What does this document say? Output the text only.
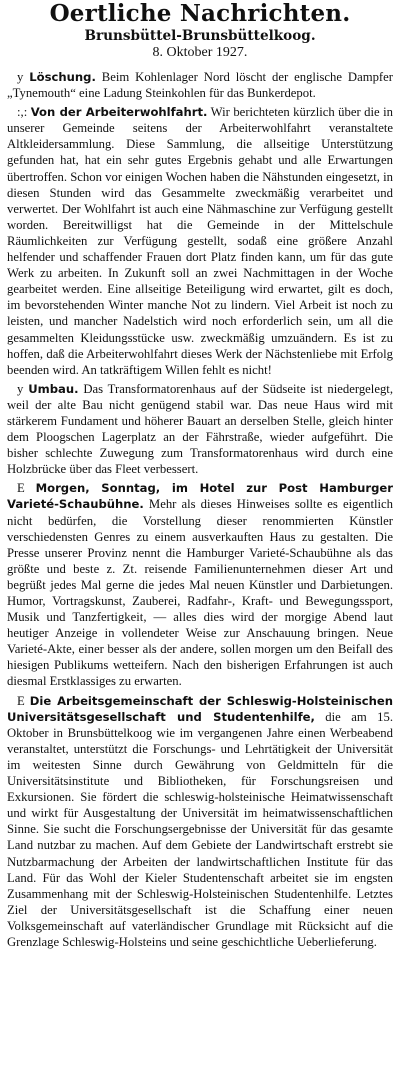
Oertliche Nachrichten.
Brunsbüttel-Brunsbüttelkoog.
8. Oktober 1927.

y Löschung. Beim Kohlenlager Nord löscht der englische Dampfer „Tynemouth“ eine Ladung Steinkohlen für das Bunkerdepot.

:,: Von der Arbeiterwohlfahrt. Wir berichteten kürzlich über die in unserer Gemeinde seitens der Arbeiterwohlfahrt veranstaltete Altkleidersammlung. Diese Sammlung, die allseitige Unterstützung gefunden hat, hat ein sehr gutes Ergebnis gehabt und alle Erwartungen übertroffen. Schon vor einigen Wochen haben die Nähstunden eingesetzt, in diesen Stunden wird das Gesammelte zweckmäßig verarbeitet und verwertet. Der Wohlfahrt ist auch eine Nähmaschine zur Verfügung gestellt worden. Bereitwilligst hat die Gemeinde in der Mittelschule Räumlichkeiten zur Verfügung gestellt, sodaß eine größere Anzahl helfender und schaffender Frauen dort Platz finden kann, um für das gute Werk zu arbeiten. In Zukunft soll an zwei Nachmittagen in der Woche gearbeitet werden. Eine allseitige Beteiligung wird erwartet, gilt es doch, im bevorstehenden Winter manche Not zu lindern. Viel Arbeit ist noch zu leisten, und mancher Nadelstich wird noch erforderlich sein, um all die gesammelten Kleidungsstücke usw. zweckmäßig umzuändern. Es ist zu hoffen, daß die Arbeiterwohlfahrt dieses Werk der Nächstenliebe mit Erfolg beenden wird. An tatkräftigem Willen fehlt es nicht!

y Umbau. Das Transformatorenhaus auf der Südseite ist niedergelegt, weil der alte Bau nicht genügend stabil war. Das neue Haus wird mit stärkerem Fundament und höherer Bauart an derselben Stelle, gleich hinter dem Ploogschen Lagerplatz an der Fährstraße, wieder aufgeführt. Die bisher schlechte Zuwegung zum Transformatorenhaus wird durch eine Holzbrücke über das Fleet verbessert.

E Morgen, Sonntag, im Hotel zur Post Hamburger Varieté-Schaubühne. Mehr als dieses Hinweises sollte es eigentlich nicht bedürfen, die Vorstellung dieser renommierten Künstler verschiedensten Genres zu einem ausverkauften Haus zu gestalten. Die Presse unserer Provinz nennt die Hamburger Varieté-Schaubühne als das größte und beste z. Zt. reisende Familienunternehmen dieser Art und begrüßt jedes Mal gerne die jedes Mal neuen Künstler und Darbietungen. Humor, Vortragskunst, Zauberei, Radfahr-, Kraft- und Bewegungssport, Musik und Tanzfertigkeit, — alles dies wird der morgige Abend laut heutiger Anzeige in vollendeter Weise zur Anschauung bringen. Neue Varieté-Akte, einer besser als der andere, sollen morgen um den Beifall des hiesigen Publikums wetteifern. Nach den bisherigen Erfahrungen ist auch diesmal Erstklassiges zu erwarten.

E Die Arbeitsgemeinschaft der Schleswig-Holsteinischen Universitätsgesellschaft und Studentenhilfe, die am 15. Oktober in Brunsbüttelkoog wie im vergangenen Jahre einen Werbeabend veranstaltet, unterstützt die Forschungs- und Lehrtätigkeit der Universität im weitesten Sinne durch Gewährung von Geldmitteln für die Universitätsinstitute und Bibliotheken, für Forschungsreisen und Exkursionen. Sie fördert die schleswig-holsteinische Heimatwissenschaft und wirkt für Ausgestaltung der Universität im heimatwissenschaftlichen Sinne. Sie sucht die Forschungsergebnisse der Universität für das gesamte Land nutzbar zu machen. Auf dem Gebiete der Landwirtschaft erstrebt sie Nutzbarmachung der Arbeiten der landwirtschaftlichen Institute für das Land. Für das Wohl der Kieler Studentenschaft arbeitet sie im engsten Zusammenhang mit der Schleswig-Holsteinischen Studentenhilfe. Letztes Ziel der Universitätsgesellschaft ist die Schaffung einer neuen Volksgemeinschaft auf vaterländischer Grundlage mit Rücksicht auf die Grenzlage Schleswig-Holsteins und seine geschichtliche Ueberlieferung.
